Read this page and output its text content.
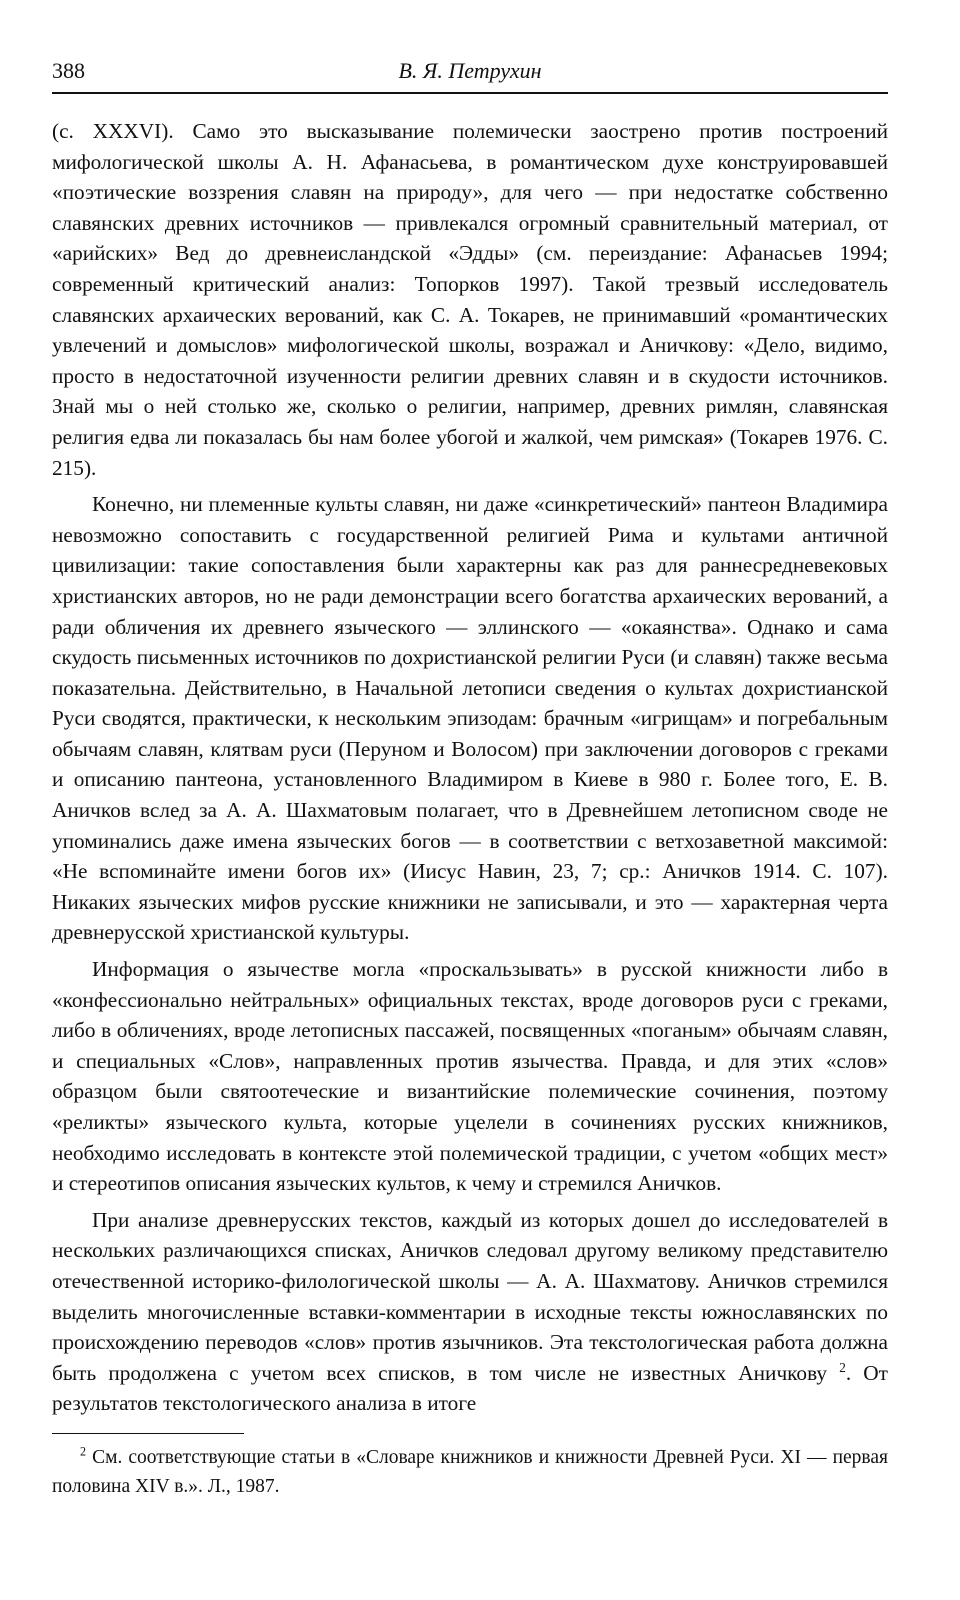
388	В. Я. Петрухин

(с. XXXVI). Само это высказывание полемически заострено против построений мифологической школы А. Н. Афанасьева, в романтическом духе конструировавшей «поэтические воззрения славян на природу», для чего — при недостатке собственно славянских древних источников — привлекался огромный сравнительный материал, от «арийских» Вед до древнеисландской «Эдды» (см. переиздание: Афанасьев 1994; современный критический анализ: Топорков 1997). Такой трезвый исследователь славянских архаических верований, как С. А. Токарев, не принимавший «романтических увлечений и домыслов» мифологической школы, возражал и Аничкову: «Дело, видимо, просто в недостаточной изученности религии древних славян и в скудости источников. Знай мы о ней столько же, сколько о религии, например, древних римлян, славянская религия едва ли показалась бы нам более убогой и жалкой, чем римская» (Токарев 1976. С. 215).

Конечно, ни племенные культы славян, ни даже «синкретический» пантеон Владимира невозможно сопоставить с государственной религией Рима и культами античной цивилизации: такие сопоставления были характерны как раз для раннесредневековых христианских авторов, но не ради демонстрации всего богатства архаических верований, а ради обличения их древнего языческого — эллинского — «окаянства». Однако и сама скудость письменных источников по дохристианской религии Руси (и славян) также весьма показательна. Действительно, в Начальной летописи сведения о культах дохристианской Руси сводятся, практически, к нескольким эпизодам: брачным «игрищам» и погребальным обычаям славян, клятвам руси (Перуном и Волосом) при заключении договоров с греками и описанию пантеона, установленного Владимиром в Киеве в 980 г. Более того, Е. В. Аничков вслед за А. А. Шахматовым полагает, что в Древнейшем летописном своде не упоминались даже имена языческих богов — в соответствии с ветхозаветной максимой: «Не вспоминайте имени богов их» (Иисус Навин, 23, 7; ср.: Аничков 1914. С. 107). Никаких языческих мифов русские книжники не записывали, и это — характерная черта древнерусской христианской культуры.

Информация о язычестве могла «проскальзывать» в русской книжности либо в «конфессионально нейтральных» официальных текстах, вроде договоров руси с греками, либо в обличениях, вроде летописных пассажей, посвященных «поганым» обычаям славян, и специальных «Слов», направленных против язычества. Правда, и для этих «слов» образцом были святоотеческие и византийские полемические сочинения, поэтому «реликты» языческого культа, которые уцелели в сочинениях русских книжников, необходимо исследовать в контексте этой полемической традиции, с учетом «общих мест» и стереотипов описания языческих культов, к чему и стремился Аничков.

При анализе древнерусских текстов, каждый из которых дошел до исследователей в нескольких различающихся списках, Аничков следовал другому великому представителю отечественной историко-филологической школы — А. А. Шахматову. Аничков стремился выделить многочисленные вставки-комментарии в исходные тексты южнославянских по происхождению переводов «слов» против язычников. Эта текстологическая работа должна быть продолжена с учетом всех списков, в том числе не известных Аничкову $^2$. От результатов текстологического анализа в итоге

$^2$ См. соответствующие статьи в «Словаре книжников и книжности Древней Руси. XI — первая половина XIV в.». Л., 1987.
